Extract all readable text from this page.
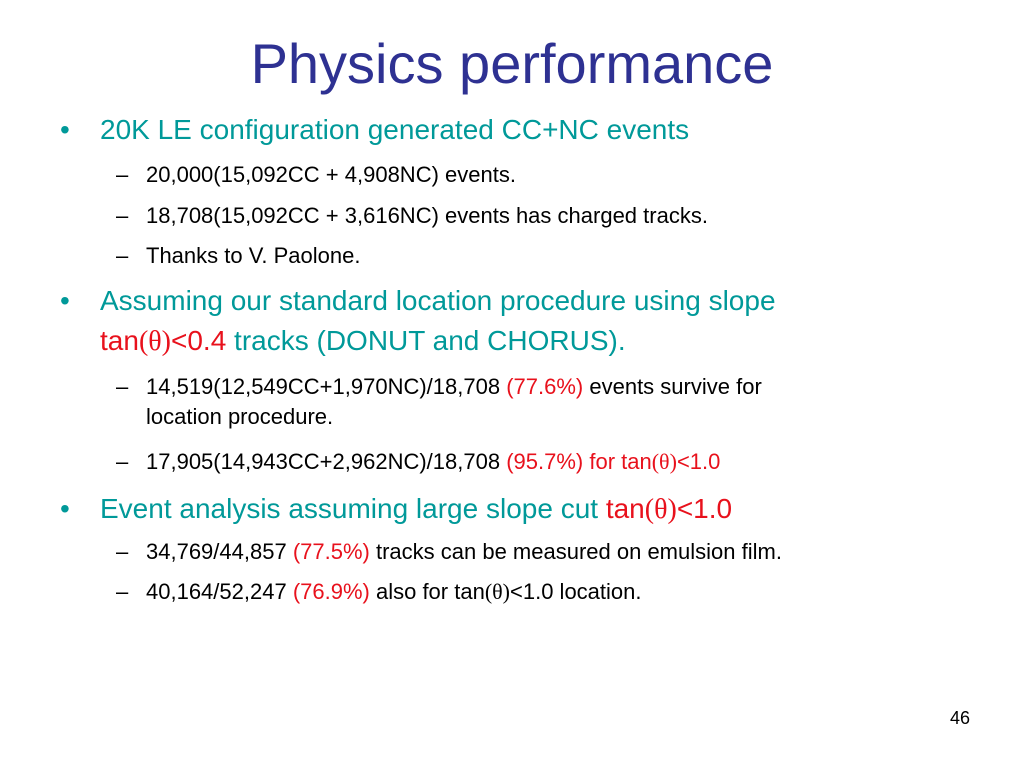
Physics performance
•	20K LE configuration generated CC+NC events
– 20,000(15,092CC + 4,908NC) events.
– 18,708(15,092CC + 3,616NC) events has charged tracks.
– Thanks to V. Paolone.
•	Assuming our standard location procedure using slope
tan(θ)<0.4 tracks (DONUT and CHORUS).
– 14,519(12,549CC+1,970NC)/18,708 (77.6%) events survive for
location procedure.
– 17,905(14,943CC+2,962NC)/18,708 (95.7%) for tan(θ)<1.0
•	Event analysis assuming large slope cut tan(θ)<1.0
– 34,769/44,857 (77.5%) tracks can be measured on emulsion film.
– 40,164/52,247 (76.9%) also for tan(θ)<1.0 location.
46
